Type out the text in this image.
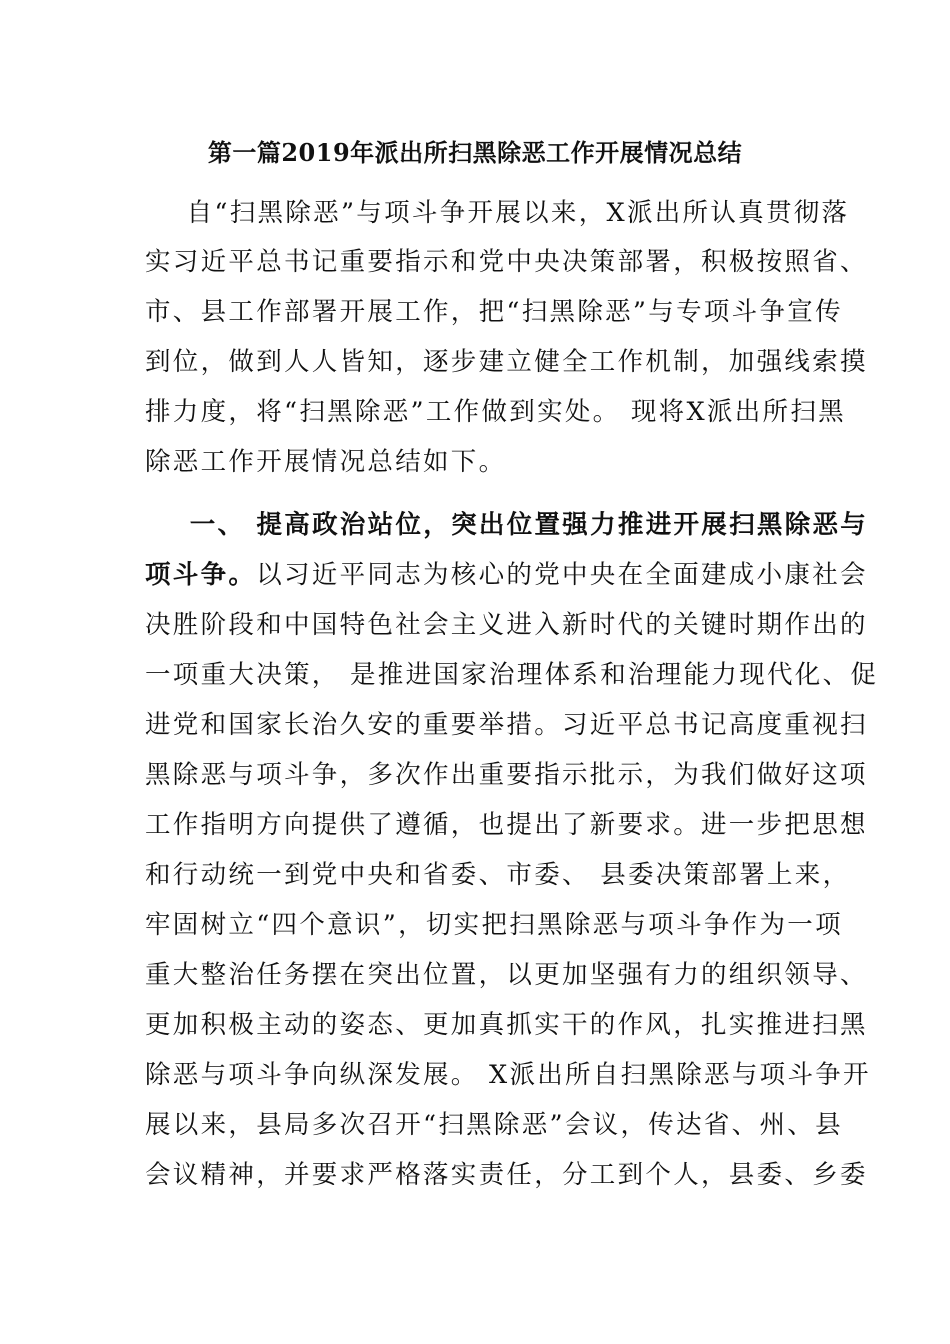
第一篇2019年派出所扫黑除恶工作开展情况总结
自“扫黑除恶”与项斗争开展以来，X派出所认真贯彻落
实习近平总书记重要指示和党中央决策部署，积极按照省、
市、县工作部署开展工作，把“扫黑除恶”与专项斗争宣传
到位，做到人人皆知，逐步建立健全工作机制，加强线索摸
排力度，将“扫黑除恶”工作做到实处。 现将X派出所扫黑
除恶工作开展情况总结如下。
一、 提高政治站位，突出位置强力推进开展扫黑除恶与
项斗争。以习近平同志为核心的党中央在全面建成小康社会
决胜阶段和中国特色社会主义进入新时代的关键时期作出的
一项重大决策， 是推进国家治理体系和治理能力现代化、促
进党和国家长治久安的重要举措。习近平总书记高度重视扫
黑除恶与项斗争，多次作出重要指示批示，为我们做好这项
工作指明方向提供了遵循，也提出了新要求。进一步把思想
和行动统一到党中央和省委、市委、 县委决策部署上来，
牢固树立“四个意识”，切实把扫黑除恶与项斗争作为一项
重大整治任务摆在突出位置，以更加坚强有力的组织领导、
更加积极主动的姿态、更加真抓实干的作风，扎实推进扫黑
除恶与项斗争向纵深发展。 X派出所自扫黑除恶与项斗争开
展以来，县局多次召开“扫黑除恶”会议，传达省、州、县
会议精神，并要求严格落实责任，分工到个人，县委、乡委
